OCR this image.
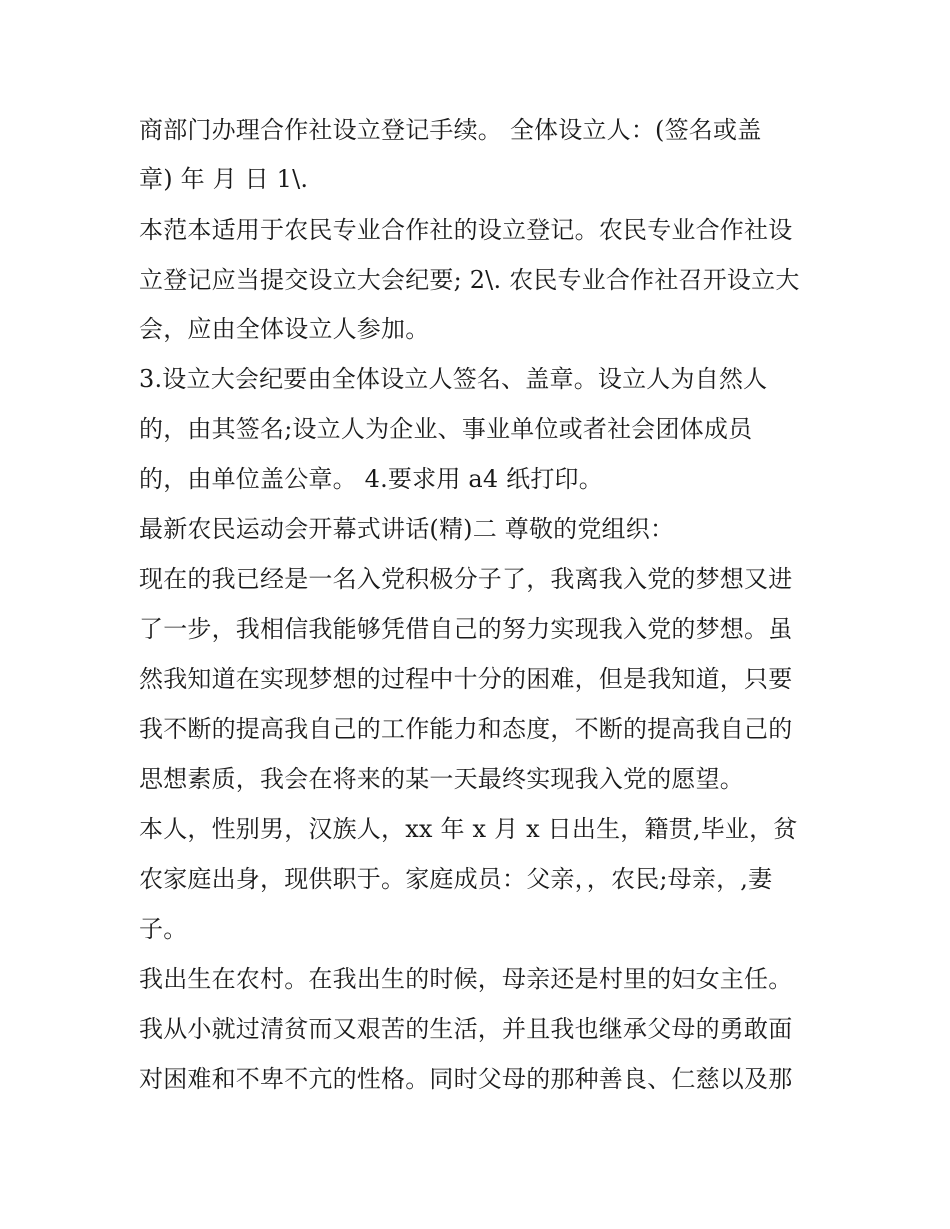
商部门办理合作社设立登记手续。 全体设立人：(签名或盖
章) 年 月 日 1\.
本范本适用于农民专业合作社的设立登记。农民专业合作社设
立登记应当提交设立大会纪要; 2\. 农民专业合作社召开设立大
会，应由全体设立人参加。
3.设立大会纪要由全体设立人签名、盖章。设立人为自然人
的，由其签名;设立人为企业、事业单位或者社会团体成员
的，由单位盖公章。 4.要求用 a4 纸打印。
最新农民运动会开幕式讲话(精)二 尊敬的党组织：
现在的我已经是一名入党积极分子了，我离我入党的梦想又进
了一步，我相信我能够凭借自己的努力实现我入党的梦想。虽
然我知道在实现梦想的过程中十分的困难，但是我知道，只要
我不断的提高我自己的工作能力和态度，不断的提高我自己的
思想素质，我会在将来的某一天最终实现我入党的愿望。
本人，性别男，汉族人，xx 年 x 月 x 日出生，籍贯,毕业，贫
农家庭出身，现供职于。家庭成员：父亲，，农民;母亲，,妻
子。
我出生在农村。在我出生的时候，母亲还是村里的妇女主任。
我从小就过清贫而又艰苦的生活，并且我也继承父母的勇敢面
对困难和不卑不亢的性格。同时父母的那种善良、仁慈以及那
